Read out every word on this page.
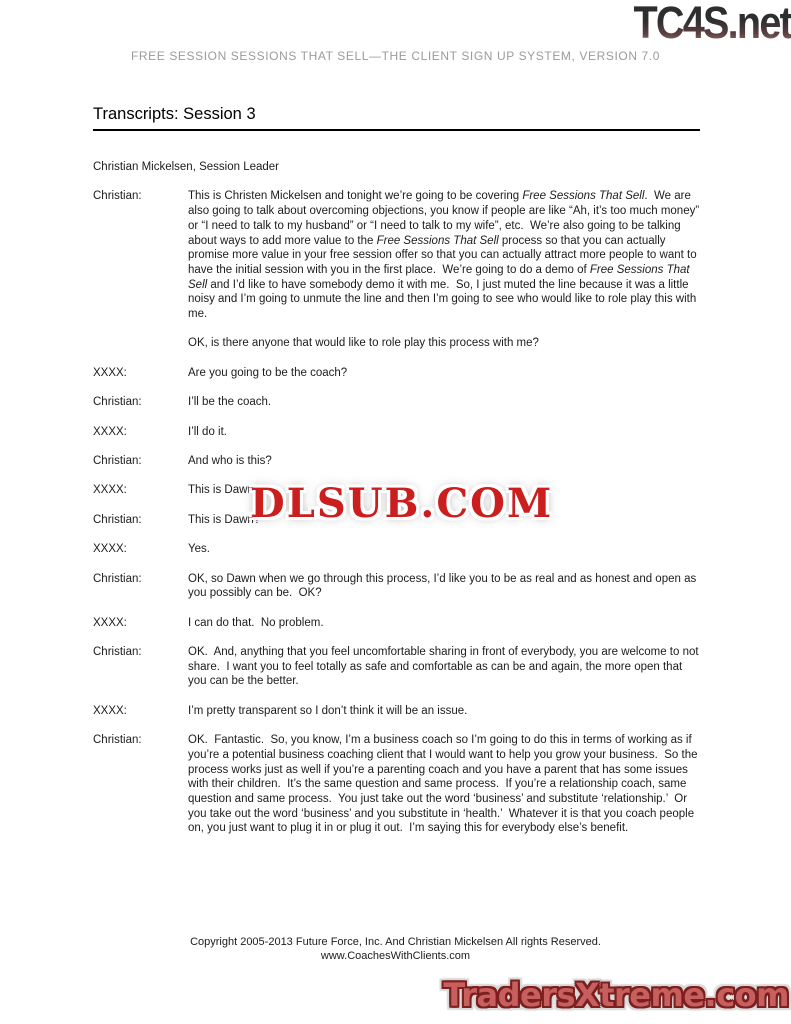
FREE SESSION SESSIONS THAT SELL—THE CLIENT SIGN UP SYSTEM, VERSION 7.0
TC4S.net
Transcripts: Session 3
Christian Mickelsen, Session Leader
Christian:	This is Christen Mickelsen and tonight we’re going to be covering Free Sessions That Sell.  We are also going to talk about overcoming objections, you know if people are like “Ah, it’s too much money” or “I need to talk to my husband” or “I need to talk to my wife”, etc.  We’re also going to be talking about ways to add more value to the Free Sessions That Sell process so that you can actually promise more value in your free session offer so that you can actually attract more people to want to have the initial session with you in the first place.  We’re going to do a demo of Free Sessions That Sell and I’d like to have somebody demo it with me.  So, I just muted the line because it was a little noisy and I’m going to unmute the line and then I’m going to see who would like to role play this with me.

OK, is there anyone that would like to role play this process with me?

XXXX:	Are you going to be the coach?

Christian:	I’ll be the coach.

XXXX:	I’ll do it.

Christian:	And who is this?

XXXX:	This is Dawn

Christian:	This is Dawn?

XXXX:	Yes.

Christian:	OK, so Dawn when we go through this process, I’d like you to be as real and as honest and open as you possibly can be.  OK?

XXXX:	I can do that.  No problem.

Christian:	OK.  And, anything that you feel uncomfortable sharing in front of everybody, you are welcome to not share.  I want you to feel totally as safe and comfortable as can be and again, the more open that you can be the better.

XXXX:	I’m pretty transparent so I don’t think it will be an issue.

Christian:	OK.  Fantastic.  So, you know, I’m a business coach so I’m going to do this in terms of working as if you’re a potential business coaching client that I would want to help you grow your business.  So the process works just as well if you’re a parenting coach and you have a parent that has some issues with their children.  It’s the same question and same process.  If you’re a relationship coach, same question and same process.  You just take out the word ‘business’ and substitute ‘relationship.’  Or you take out the word ‘business’ and you substitute in ‘health.’  Whatever it is that you coach people on, you just want to plug it in or plug it out.  I’m saying this for everybody else’s benefit.

DLSUB.COM
Copyright 2005-2013 Future Force, Inc. And Christian Mickelsen All rights Reserved.
www.CoachesWithClients.com
TradersXtreme.com
